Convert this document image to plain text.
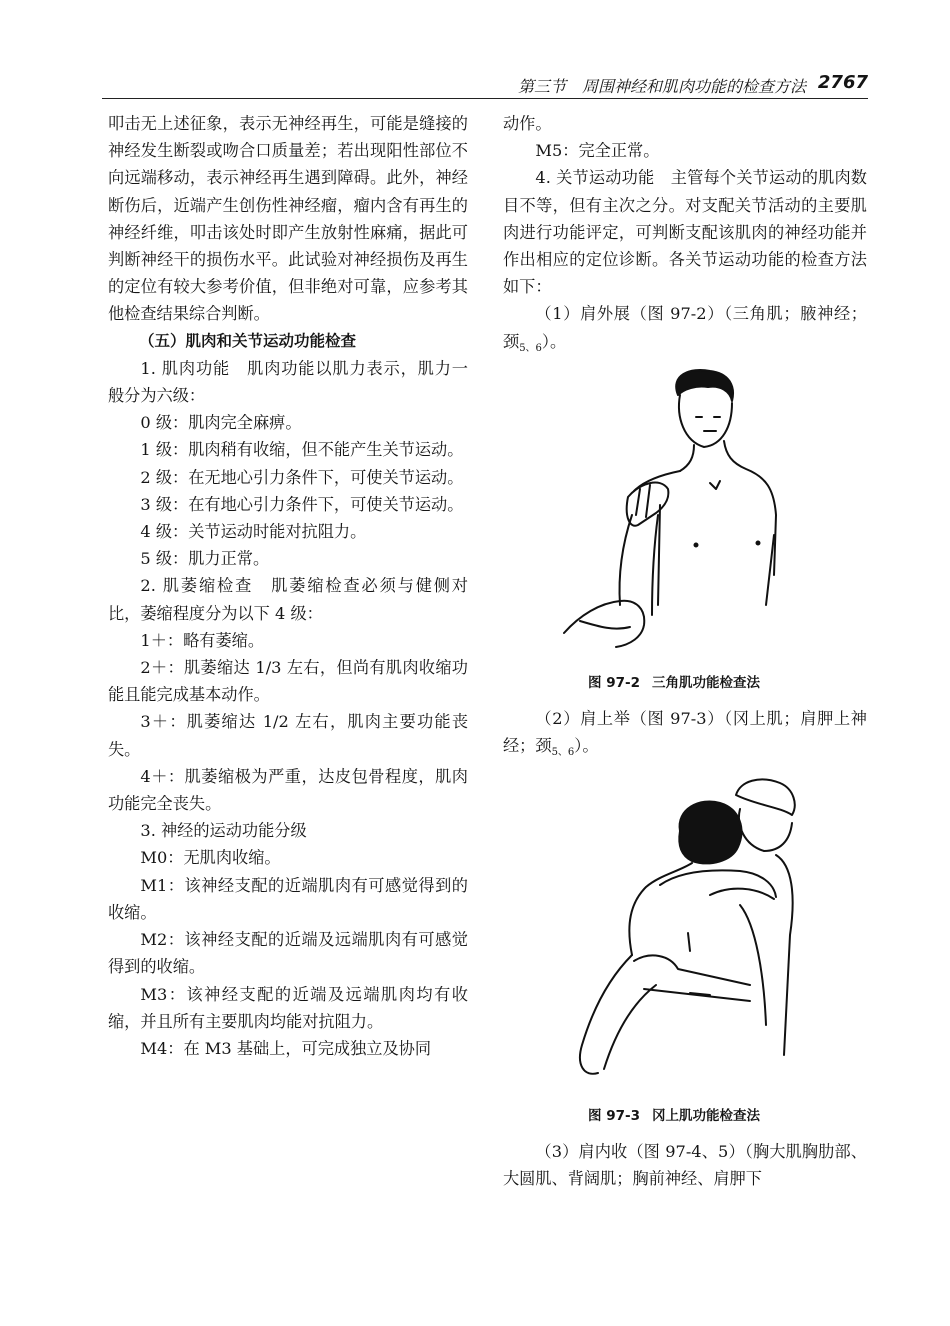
第三节　周围神经和肌肉功能的检查方法 2767

叩击无上述征象，表示无神经再生，可能是缝接的神经发生断裂或吻合口质量差；若出现阳性部位不向远端移动，表示神经再生遇到障碍。此外，神经断伤后，近端产生创伤性神经瘤，瘤内含有再生的神经纤维，叩击该处时即产生放射性麻痛，据此可判断神经干的损伤水平。此试验对神经损伤及再生的定位有较大参考价值，但非绝对可靠，应参考其他检查结果综合判断。

（五）肌肉和关节运动功能检查

1. 肌肉功能　肌肉功能以肌力表示，肌力一般分为六级：

0 级：肌肉完全麻痹。

1 级：肌肉稍有收缩，但不能产生关节运动。

2 级：在无地心引力条件下，可使关节运动。

3 级：在有地心引力条件下，可使关节运动。

4 级：关节运动时能对抗阻力。

5 级：肌力正常。

2. 肌萎缩检查　肌萎缩检查必须与健侧对比，萎缩程度分为以下 4 级：

1＋：略有萎缩。

2＋：肌萎缩达 1/3 左右，但尚有肌肉收缩功能且能完成基本动作。

3＋：肌萎缩达 1/2 左右，肌肉主要功能丧失。

4＋：肌萎缩极为严重，达皮包骨程度，肌肉功能完全丧失。

3. 神经的运动功能分级

M0：无肌肉收缩。

M1：该神经支配的近端肌肉有可感觉得到的收缩。

M2：该神经支配的近端及远端肌肉有可感觉得到的收缩。

M3：该神经支配的近端及远端肌肉均有收缩，并且所有主要肌肉均能对抗阻力。

M4：在 M3 基础上，可完成独立及协同

动作。

M5：完全正常。

4. 关节运动功能　主管每个关节运动的肌肉数目不等，但有主次之分。对支配关节活动的主要肌肉进行功能评定，可判断支配该肌肉的神经功能并作出相应的定位诊断。各关节运动功能的检查方法如下：

（1）肩外展（图 97-2）（三角肌；腋神经；颈$_{5、6}$）。

图 97-2 三角肌功能检查法

（2）肩上举（图 97-3）（冈上肌；肩胛上神经；颈$_{5、6}$）。

图 97-3 冈上肌功能检查法

（3）肩内收（图 97-4、5）（胸大肌胸肋部、大圆肌、背阔肌；胸前神经、肩胛下
